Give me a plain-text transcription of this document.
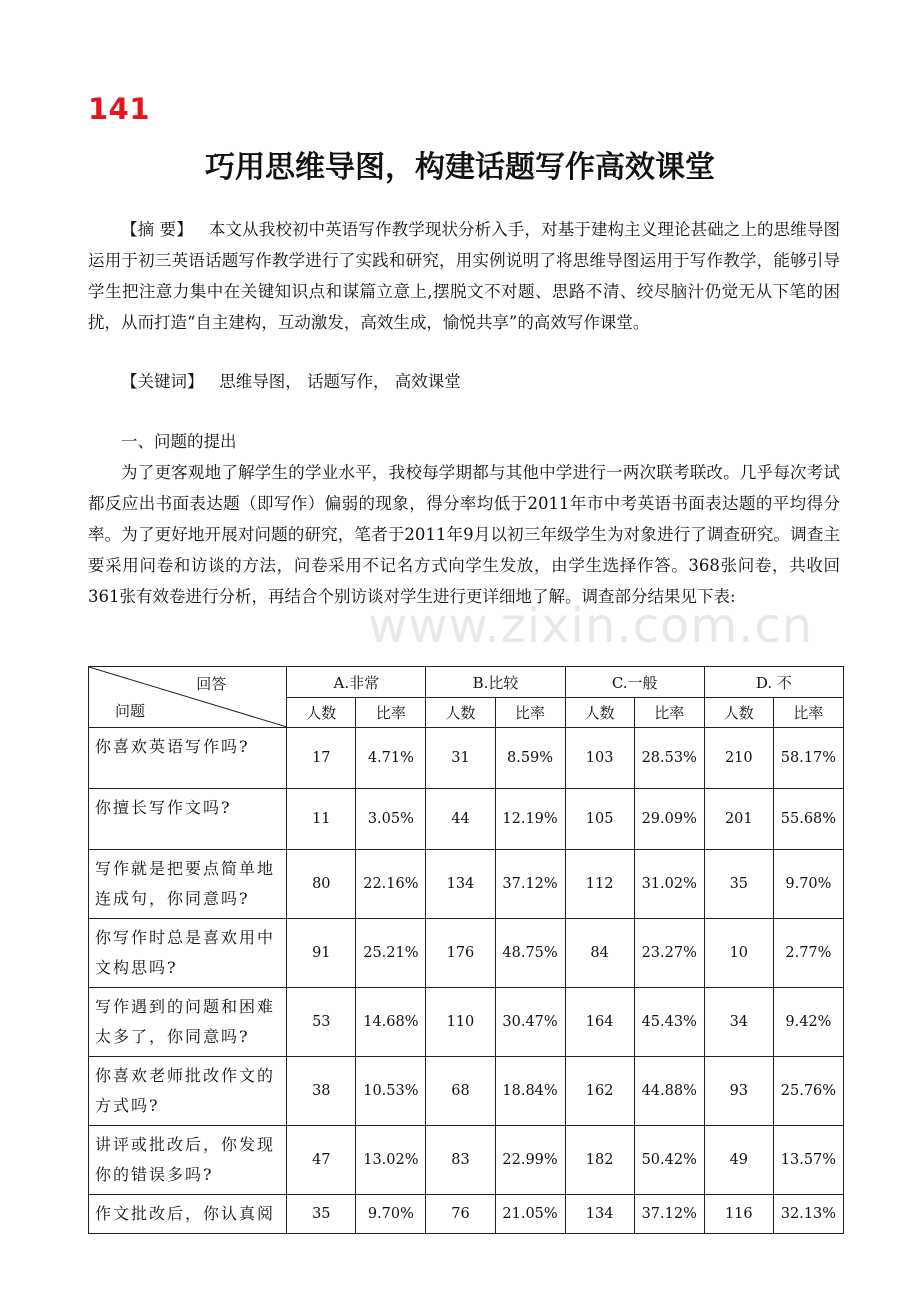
141
巧用思维导图，构建话题写作高效课堂

【摘 要】 本文从我校初中英语写作教学现状分析入手，对基于建构主义理论甚础之上的思维导图运用于初三英语话题写作教学进行了实践和研究，用实例说明了将思维导图运用于写作教学，能够引导学生把注意力集中在关键知识点和谋篇立意上,摆脱文不对题、思路不清、绞尽脑汁仍觉无从下笔的困扰，从而打造“自主建构，互动激发，高效生成，愉悦共享”的高效写作课堂。

【关键词】 思维导图， 话题写作， 高效课堂

一、问题的提出

为了更客观地了解学生的学业水平，我校每学期都与其他中学进行一两次联考联改。几乎每次考试都反应出书面表达题（即写作）偏弱的现象，得分率均低于2011年市中考英语书面表达题的平均得分率。为了更好地开展对问题的研究，笔者于2011年9月以初三年级学生为对象进行了调查研究。调查主要采用问卷和访谈的方法，问卷采用不记名方式向学生发放，由学生选择作答。368张问卷，共收回361张有效卷进行分析，再结合个别访谈对学生进行更详细地了解。调查部分结果见下表:

www.zixin.com.cn
回答
问题	A.非常		B.比较		C.一般		D. 不	
	人数	比率	人数	比率	人数	比率	人数	比率
你喜欢英语写作吗?	17	4.71%	31	8.59%	103	28.53%	210	58.17%
你擅长写作文吗?	11	3.05%	44	12.19%	105	29.09%	201	55.68%
写作就是把要点简单地连成句，你同意吗?	80	22.16%	134	37.12%	112	31.02%	35	9.70%
你写作时总是喜欢用中文构思吗?	91	25.21%	176	48.75%	84	23.27%	10	2.77%
写作遇到的问题和困难太多了，你同意吗?	53	14.68%	110	30.47%	164	45.43%	34	9.42%
你喜欢老师批改作文的方式吗?	38	10.53%	68	18.84%	162	44.88%	93	25.76%
讲评或批改后，你发现你的错误多吗?	47	13.02%	83	22.99%	182	50.42%	49	13.57%
作文批改后，你认真阅	35	9.70%	76	21.05%	134	37.12%	116	32.13%
